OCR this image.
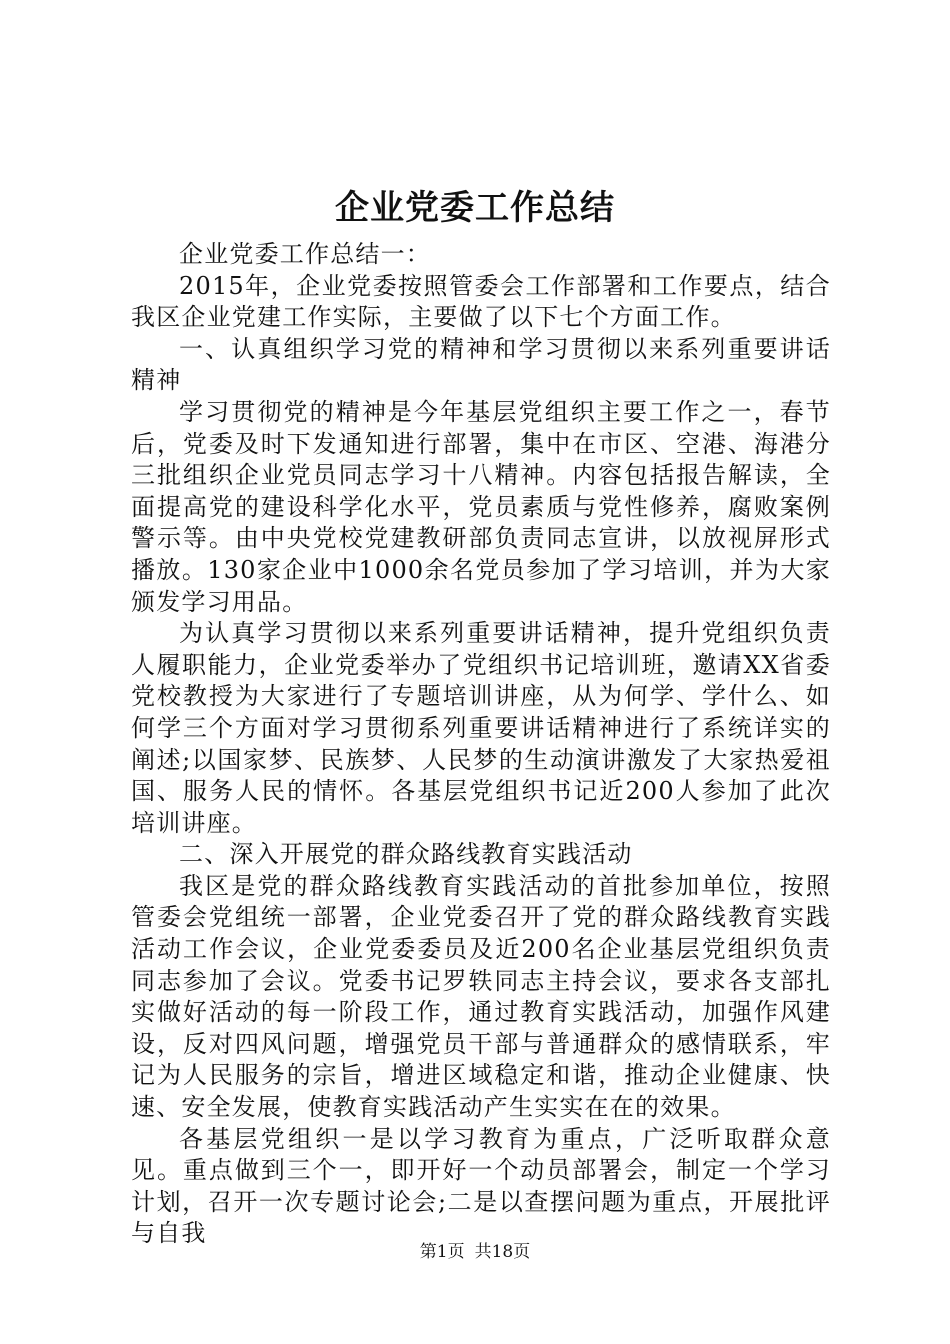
企业党委工作总结

企业党委工作总结一：

2015年，企业党委按照管委会工作部署和工作要点，结合我区企业党建工作实际，主要做了以下七个方面工作。

一、认真组织学习党的精神和学习贯彻以来系列重要讲话精神

学习贯彻党的精神是今年基层党组织主要工作之一，春节后，党委及时下发通知进行部署，集中在市区、空港、海港分三批组织企业党员同志学习十八精神。内容包括报告解读，全面提高党的建设科学化水平，党员素质与党性修养，腐败案例警示等。由中央党校党建教研部负责同志宣讲，以放视屏形式播放。130家企业中1000余名党员参加了学习培训，并为大家颁发学习用品。

为认真学习贯彻以来系列重要讲话精神，提升党组织负责人履职能力，企业党委举办了党组织书记培训班，邀请XX省委党校教授为大家进行了专题培训讲座，从为何学、学什么、如何学三个方面对学习贯彻系列重要讲话精神进行了系统详实的阐述;以国家梦、民族梦、人民梦的生动演讲激发了大家热爱祖国、服务人民的情怀。各基层党组织书记近200人参加了此次培训讲座。

二、深入开展党的群众路线教育实践活动

我区是党的群众路线教育实践活动的首批参加单位，按照管委会党组统一部署，企业党委召开了党的群众路线教育实践活动工作会议，企业党委委员及近200名企业基层党组织负责同志参加了会议。党委书记罗轶同志主持会议，要求各支部扎实做好活动的每一阶段工作，通过教育实践活动，加强作风建设，反对四风问题，增强党员干部与普通群众的感情联系，牢记为人民服务的宗旨，增进区域稳定和谐，推动企业健康、快速、安全发展，使教育实践活动产生实实在在的效果。

各基层党组织一是以学习教育为重点，广泛听取群众意见。重点做到三个一，即开好一个动员部署会，制定一个学习计划，召开一次专题讨论会;二是以查摆问题为重点，开展批评与自我

第1页 共18页
